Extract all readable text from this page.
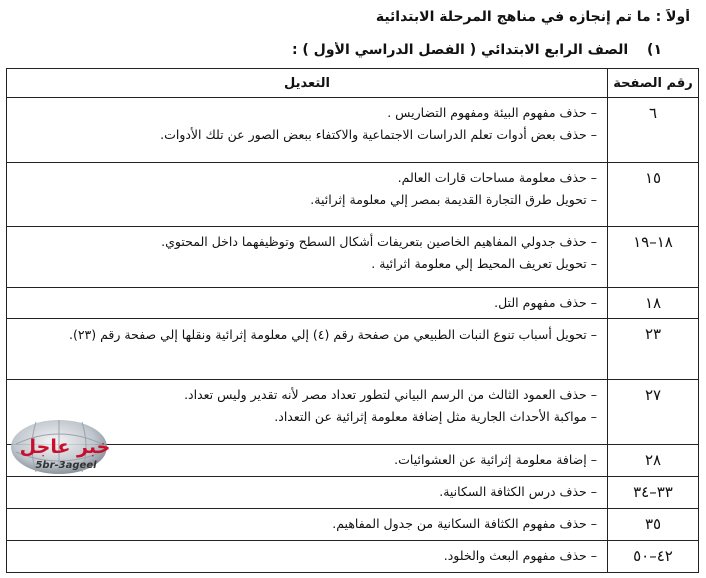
أولاً : ما تم إنجازه في مناهج المرحلة الابتدائية
١) الصف الرابع الابتدائي ( الفصل الدراسي الأول ) :
رقم الصفحة	التعديل
٦	– حذف مفهوم البيئة ومفهوم التضاريس .
– حذف بعض أدوات تعلم الدراسات الاجتماعية والاكتفاء ببعض الصور عن تلك الأدوات.

١٥	– حذف معلومة مساحات قارات العالم.
– تحويل طرق التجارة القديمة بمصر إلي معلومة إثرائية.

١٨–١٩	– حذف جدولي المفاهيم الخاصين بتعريفات أشكال السطح وتوظيفهما داخل المحتوي.
– تحويل تعريف المحيط إلي معلومة اثرائية .

١٨	– حذف مفهوم التل.

٢٣	– تحويل أسباب تنوع النبات الطبيعي من صفحة رقم (٤) إلي معلومة إثرائية ونقلها إلي صفحة رقم (٢٣).

٢٧	– حذف العمود الثالث من الرسم البياني لتطور تعداد مصر لأنه تقدير وليس تعداد.
– مواكبة الأحداث الجارية مثل إضافة معلومة إثرائية عن التعداد.

٢٨	– إضافة معلومة إثرائية عن العشوائيات.

٣٣–٣٤	– حذف درس الكثافة السكانية.

٣٥	– حذف مفهوم الكثافة السكانية من جدول المفاهيم.

٤٢–٥٠	– حذف مفهوم البعث والخلود.
خبر عاجل
5br-3ageel
